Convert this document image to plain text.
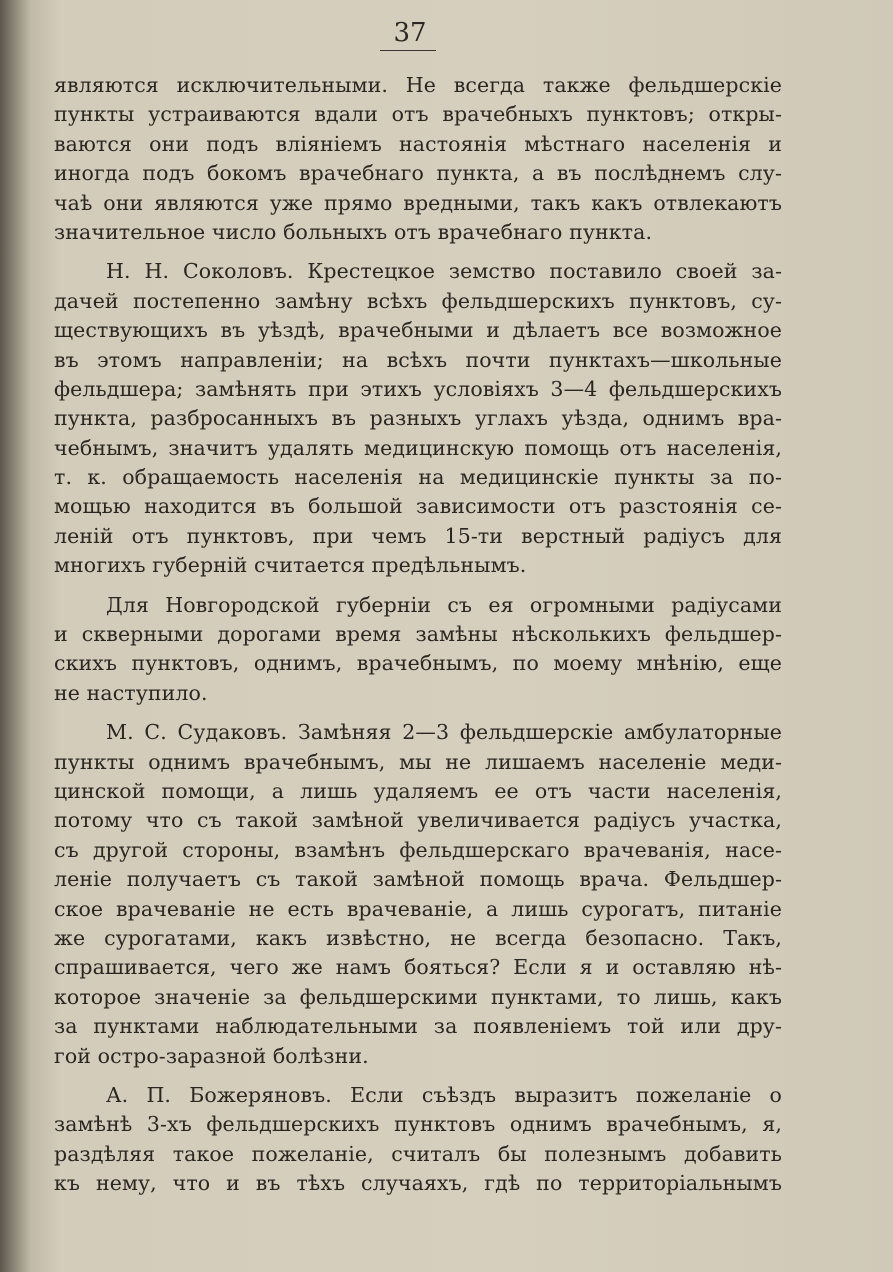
37
являются исключительными. Не всегда также фельдшерскіе
пункты устраиваются вдали отъ врачебныхъ пунктовъ; откры-
ваются они подъ вліяніемъ настоянія мѣстнаго населенія и
иногда подъ бокомъ врачебнаго пункта, а въ послѣднемъ слу-
чаѣ они являются уже прямо вредными, такъ какъ отвлекаютъ
значительное число больныхъ отъ врачебнаго пункта.
Н. Н. Соколовъ. Крестецкое земство поставило своей за-
дачей постепенно замѣну всѣхъ фельдшерскихъ пунктовъ, су-
ществующихъ въ уѣздѣ, врачебными и дѣлаетъ все возможное
въ этомъ направленіи; на всѣхъ почти пунктахъ—школьные
фельдшера; замѣнять при этихъ условіяхъ 3—4 фельдшерскихъ
пункта, разбросанныхъ въ разныхъ углахъ уѣзда, однимъ вра-
чебнымъ, значитъ удалять медицинскую помощь отъ населенія,
т. к. обращаемость населенія на медицинскіе пункты за по-
мощью находится въ большой зависимости отъ разстоянія се-
леній отъ пунктовъ, при чемъ 15-ти верстный радіусъ для
многихъ губерній считается предѣльнымъ.
Для Новгородской губерніи съ ея огромными радіусами
и скверными дорогами время замѣны нѣсколькихъ фельдшер-
скихъ пунктовъ, однимъ, врачебнымъ, по моему мнѣнію, еще
не наступило.
М. С. Судаковъ. Замѣняя 2—3 фельдшерскіе амбулаторные
пункты однимъ врачебнымъ, мы не лишаемъ населеніе меди-
цинской помощи, а лишь удаляемъ ее отъ части населенія,
потому что съ такой замѣной увеличивается радіусъ участка,
съ другой стороны, взамѣнъ фельдшерскаго врачеванія, насе-
леніе получаетъ съ такой замѣной помощь врача. Фельдшер-
ское врачеваніе не есть врачеваніе, а лишь сурогатъ, питаніе
же сурогатами, какъ извѣстно, не всегда безопасно. Такъ,
спрашивается, чего же намъ бояться? Если я и оставляю нѣ-
которое значеніе за фельдшерскими пунктами, то лишь, какъ
за пунктами наблюдательными за появленіемъ той или дру-
гой остро-заразной болѣзни.
А. П. Божеряновъ. Если съѣздъ выразитъ пожеланіе о
замѣнѣ 3-хъ фельдшерскихъ пунктовъ однимъ врачебнымъ, я,
раздѣляя такое пожеланіе, считалъ бы полезнымъ добавить
къ нему, что и въ тѣхъ случаяхъ, гдѣ по территоріальнымъ
